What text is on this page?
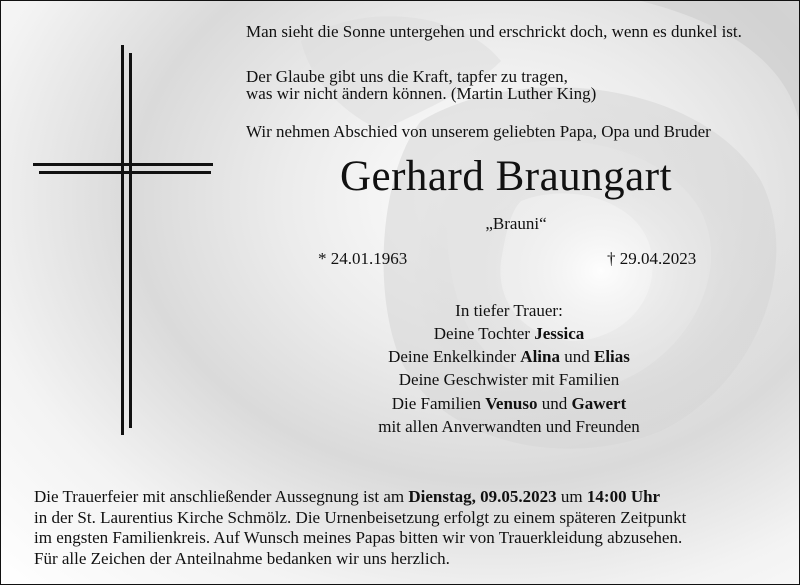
Man sieht die Sonne untergehen und erschrickt doch, wenn es dunkel ist.
Der Glaube gibt uns die Kraft, tapfer zu tragen,
was wir nicht ändern können. (Martin Luther King)
Wir nehmen Abschied von unserem geliebten Papa, Opa und Bruder
Gerhard Braungart
„Brauni“
* 24.01.1963	† 29.04.2023
In tiefer Trauer:
Deine Tochter Jessica
Deine Enkelkinder Alina und Elias
Deine Geschwister mit Familien
Die Familien Venuso und Gawert
mit allen Anverwandten und Freunden
Die Trauerfeier mit anschließender Aussegnung ist am Dienstag, 09.05.2023 um 14:00 Uhr
in der St. Laurentius Kirche Schmölz. Die Urnenbeisetzung erfolgt zu einem späteren Zeitpunkt
im engsten Familienkreis. Auf Wunsch meines Papas bitten wir von Trauerkleidung abzusehen.
Für alle Zeichen der Anteilnahme bedanken wir uns herzlich.
